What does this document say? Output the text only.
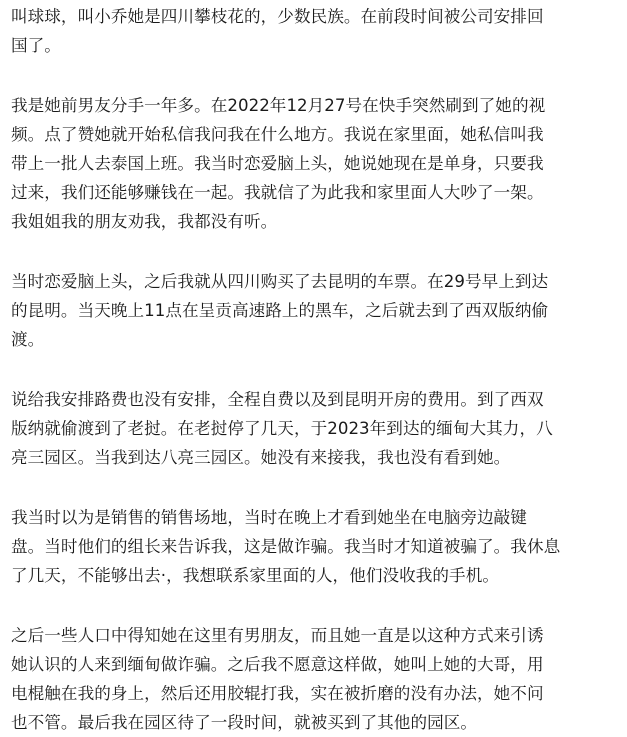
叫球球，叫小乔她是四川攀枝花的，少数民族。在前段时间被公司安排回
国了。
我是她前男友分手一年多。在2022年12月27号在快手突然刷到了她的视
频。点了赞她就开始私信我问我在什么地方。我说在家里面，她私信叫我
带上一批人去泰国上班。我当时恋爱脑上头，她说她现在是单身，只要我
过来，我们还能够赚钱在一起。我就信了为此我和家里面人大吵了一架。
我姐姐我的朋友劝我，我都没有听。
当时恋爱脑上头，之后我就从四川购买了去昆明的车票。在29号早上到达
的昆明。当天晚上11点在呈贡高速路上的黑车，之后就去到了西双版纳偷
渡。
说给我安排路费也没有安排，全程自费以及到昆明开房的费用。到了西双
版纳就偷渡到了老挝。在老挝停了几天，于2023年到达的缅甸大其力，八
亮三园区。当我到达八亮三园区。她没有来接我，我也没有看到她。
我当时以为是销售的销售场地，当时在晚上才看到她坐在电脑旁边敲键
盘。当时他们的组长来告诉我，这是做诈骗。我当时才知道被骗了。我休息
了几天，不能够出去·，我想联系家里面的人，他们没收我的手机。
之后一些人口中得知她在这里有男朋友，而且她一直是以这种方式来引诱
她认识的人来到缅甸做诈骗。之后我不愿意这样做，她叫上她的大哥，用
电棍触在我的身上，然后还用胶辊打我，实在被折磨的没有办法，她不问
也不管。最后我在园区待了一段时间，就被买到了其他的园区。
